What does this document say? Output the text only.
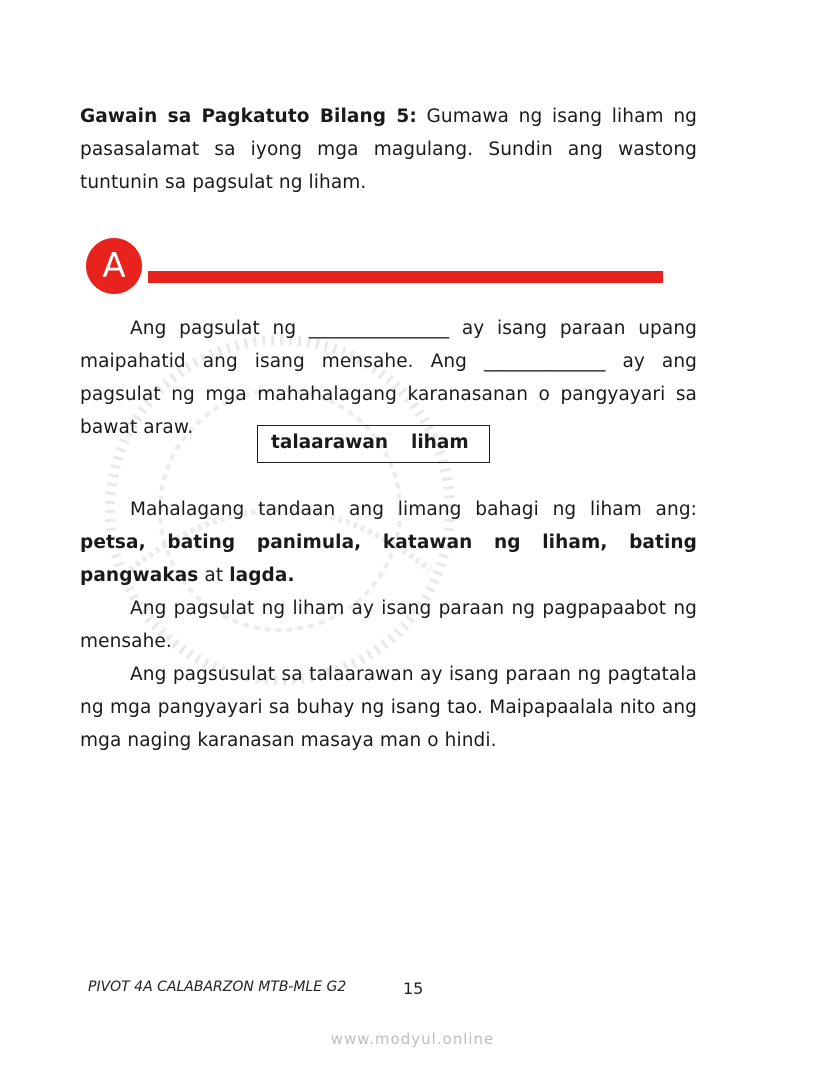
Gawain sa Pagkatuto Bilang 5: Gumawa ng isang liham ng pasasalamat sa iyong mga magulang. Sundin ang wastong tuntunin sa pagsulat ng liham.
A
Ang pagsulat ng _______________ ay isang paraan upang maipahatid ang isang mensahe. Ang _____________ ay ang pagsulat ng mga mahahalagang karanasanan o pangyayari sa bawat araw.
talaarawan liham
Mahalagang tandaan ang limang bahagi ng liham ang: petsa, bating panimula, katawan ng liham, bating pangwakas at lagda.
Ang pagsulat ng liham ay isang paraan ng pagpapaabot ng mensahe.
Ang pagsusulat sa talaarawan ay isang paraan ng pagtatala ng mga pangyayari sa buhay ng isang tao. Maipapaalala nito ang mga naging karanasan masaya man o hindi.
PIVOT 4A CALABARZON MTB-MLE G2	15
www.modyul.online
